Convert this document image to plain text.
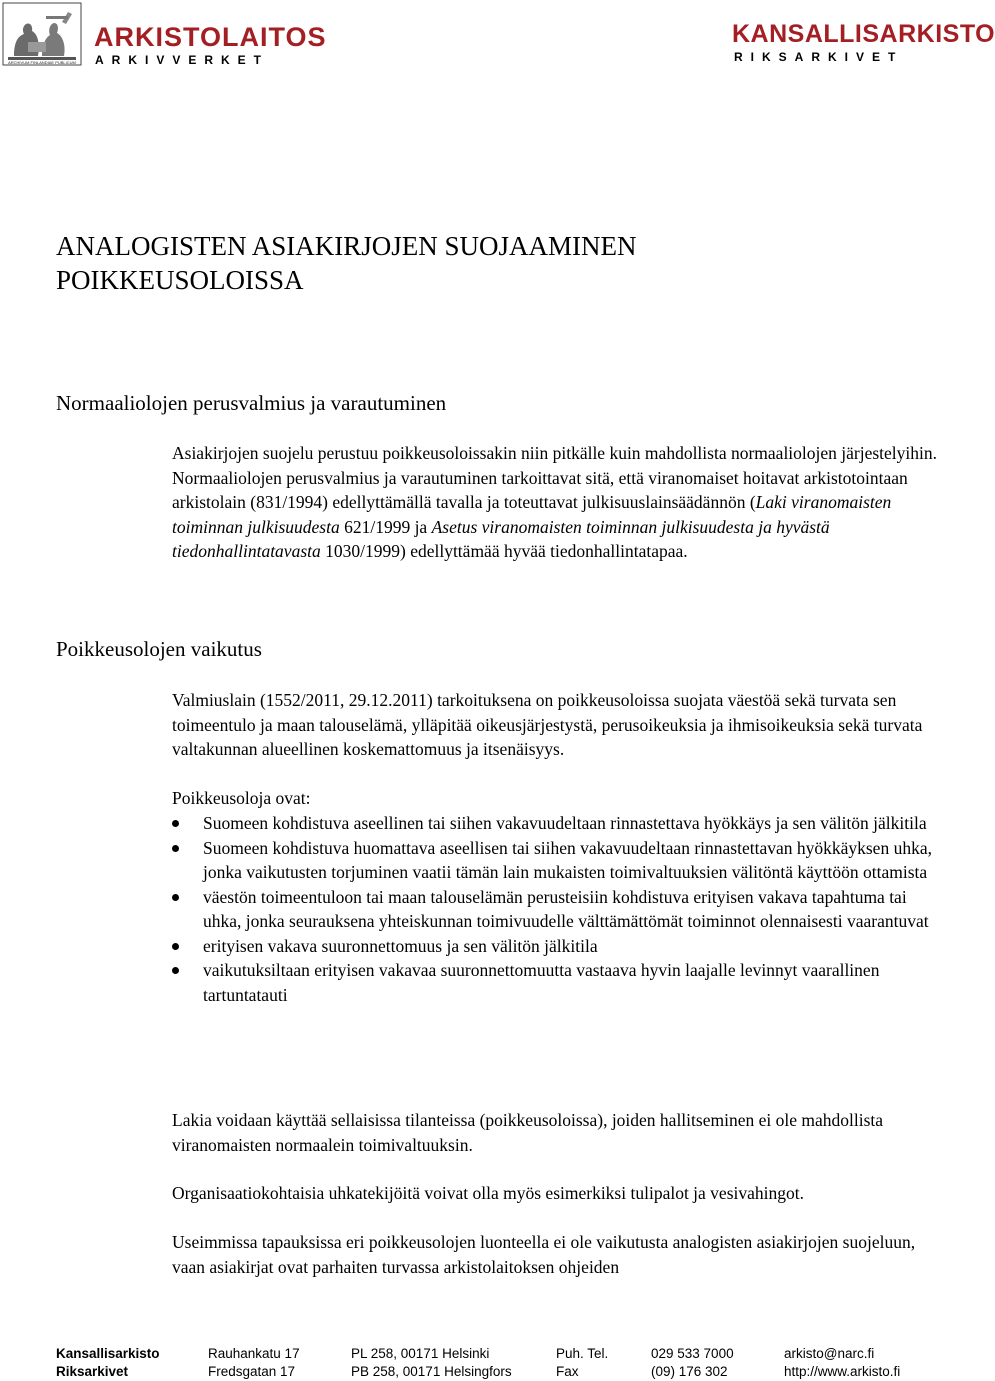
ARCHIVUM FINLANDIAE PUBLICUM
ARKISTOLAITOS
ARKIVVERKET
KANSALLISARKISTO
RIKSARKIVET
ANALOGISTEN ASIAKIRJOJEN SUOJAAMINEN
POIKKEUSOLOISSA
Normaaliolojen perusvalmius ja varautuminen

Asiakirjojen suojelu perustuu poikkeusoloissakin niin pitkälle kuin mahdollista normaaliolojen järjestelyihin. Normaaliolojen perusvalmius ja varautuminen tarkoittavat sitä, että viranomaiset hoitavat arkistotointaan arkistolain (831/1994) edellyttämällä tavalla ja toteuttavat julkisuuslainsäädännön (Laki viranomaisten toiminnan julkisuudesta 621/1999 ja Asetus viranomaisten toiminnan julkisuudesta ja hyvästä tiedonhallintatavasta 1030/1999) edellyttämää hyvää tiedonhallintatapaa.

Poikkeusolojen vaikutus

Valmiuslain (1552/2011, 29.12.2011) tarkoituksena on poikkeusoloissa suojata väestöä sekä turvata sen toimeentulo ja maan talouselämä, ylläpitää oikeusjärjestystä, perusoikeuksia ja ihmisoikeuksia sekä turvata valtakunnan alueellinen koskemattomuus ja itsenäisyys.

Poikkeusoloja ovat:

Suomeen kohdistuva aseellinen tai siihen vakavuudeltaan rinnastettava hyökkäys ja sen välitön jälkitila
Suomeen kohdistuva huomattava aseellisen tai siihen vakavuudeltaan rinnastettavan hyökkäyksen uhka, jonka vaikutusten torjuminen vaatii tämän lain mukaisten toimivaltuuksien välitöntä käyttöön ottamista
väestön toimeentuloon tai maan talouselämän perusteisiin kohdistuva erityisen vakava tapahtuma tai uhka, jonka seurauksena yhteiskunnan toimivuudelle välttämättömät toiminnot olennaisesti vaarantuvat
erityisen vakava suuronnettomuus ja sen välitön jälkitila
vaikutuksiltaan erityisen vakavaa suuronnettomuutta vastaava hyvin laajalle levinnyt vaarallinen tartuntatauti

Lakia voidaan käyttää sellaisissa tilanteissa (poikkeusoloissa), joiden hallitseminen ei ole mahdollista viranomaisten normaalein toimivaltuuksin.

Organisaatiokohtaisia uhkatekijöitä voivat olla myös esimerkiksi tulipalot ja vesivahingot.

Useimmissa tapauksissa eri poikkeusolojen luonteella ei ole vaikutusta analogisten asiakirjojen suojeluun, vaan asiakirjat ovat parhaiten turvassa arkistolaitoksen ohjeiden

Kansallisarkisto	Rauhankatu 17	PL 258, 00171 Helsinki	Puh. Tel.	029 533 7000	arkisto@narc.fi
Riksarkivet	Fredsgatan 17	PB 258, 00171 Helsingfors	Fax	(09) 176 302	http://www.arkisto.fi
